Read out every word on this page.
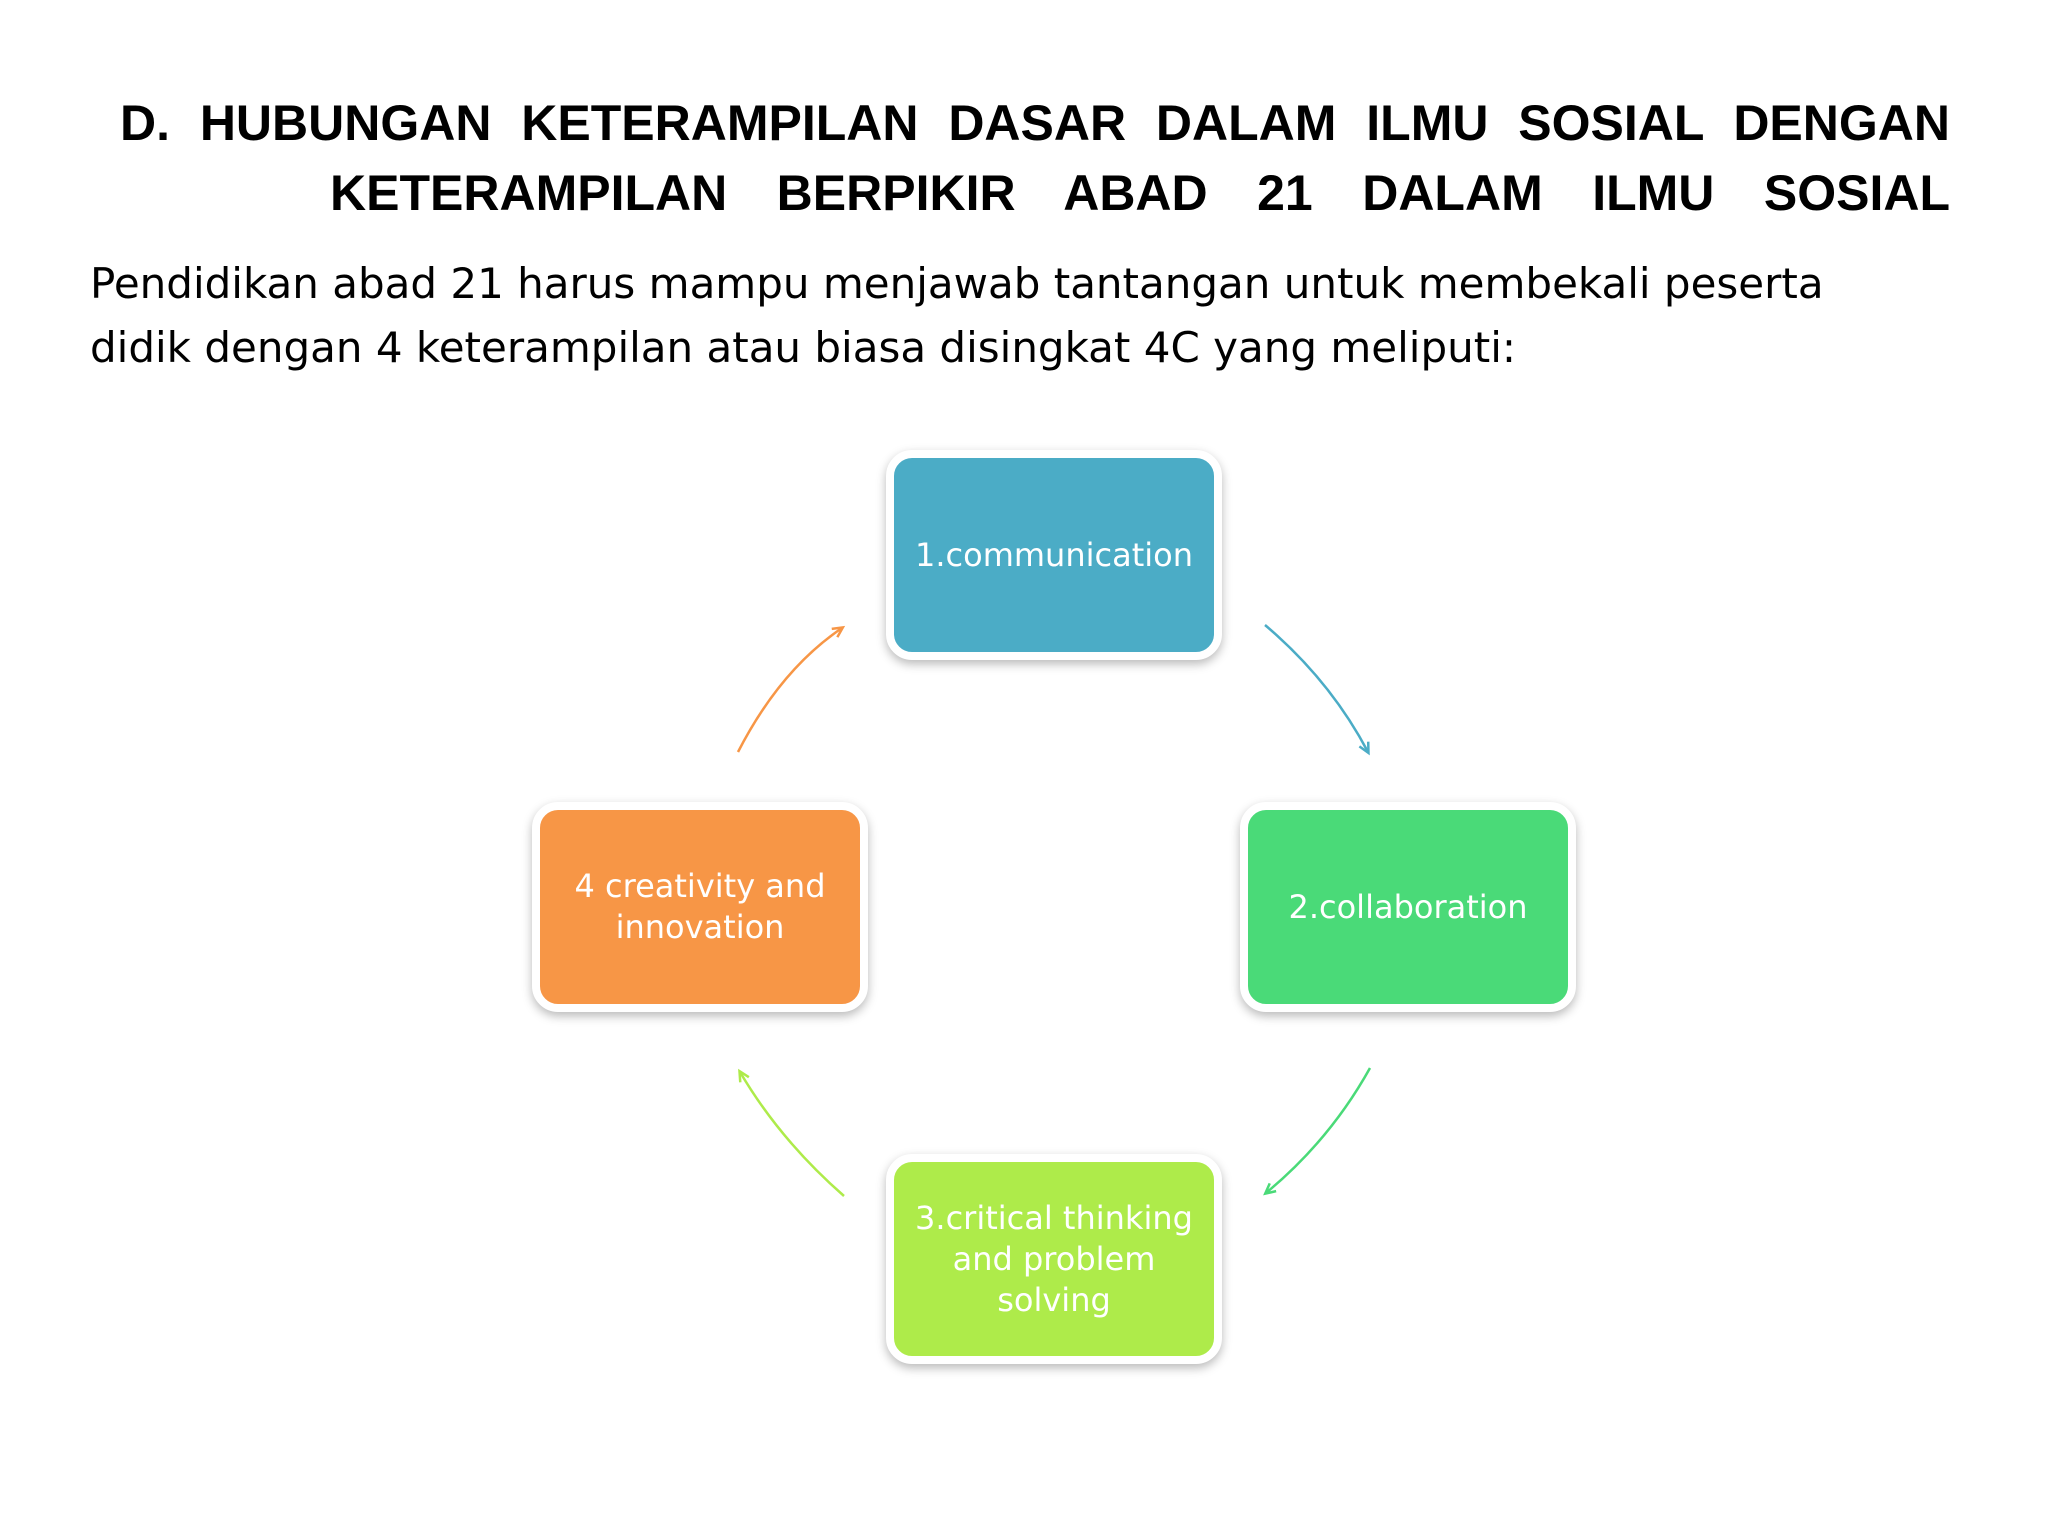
D. HUBUNGAN KETERAMPILAN DASAR DALAM ILMU SOSIAL DENGAN
KETERAMPILAN BERPIKIR ABAD 21 DALAM ILMU SOSIAL
Pendidikan abad 21 harus mampu menjawab tantangan untuk membekali peserta
didik dengan 4 keterampilan atau biasa disingkat 4C yang meliputi:
1.communication
2.collaboration
3.critical thinking and problem solving
4 creativity and innovation
